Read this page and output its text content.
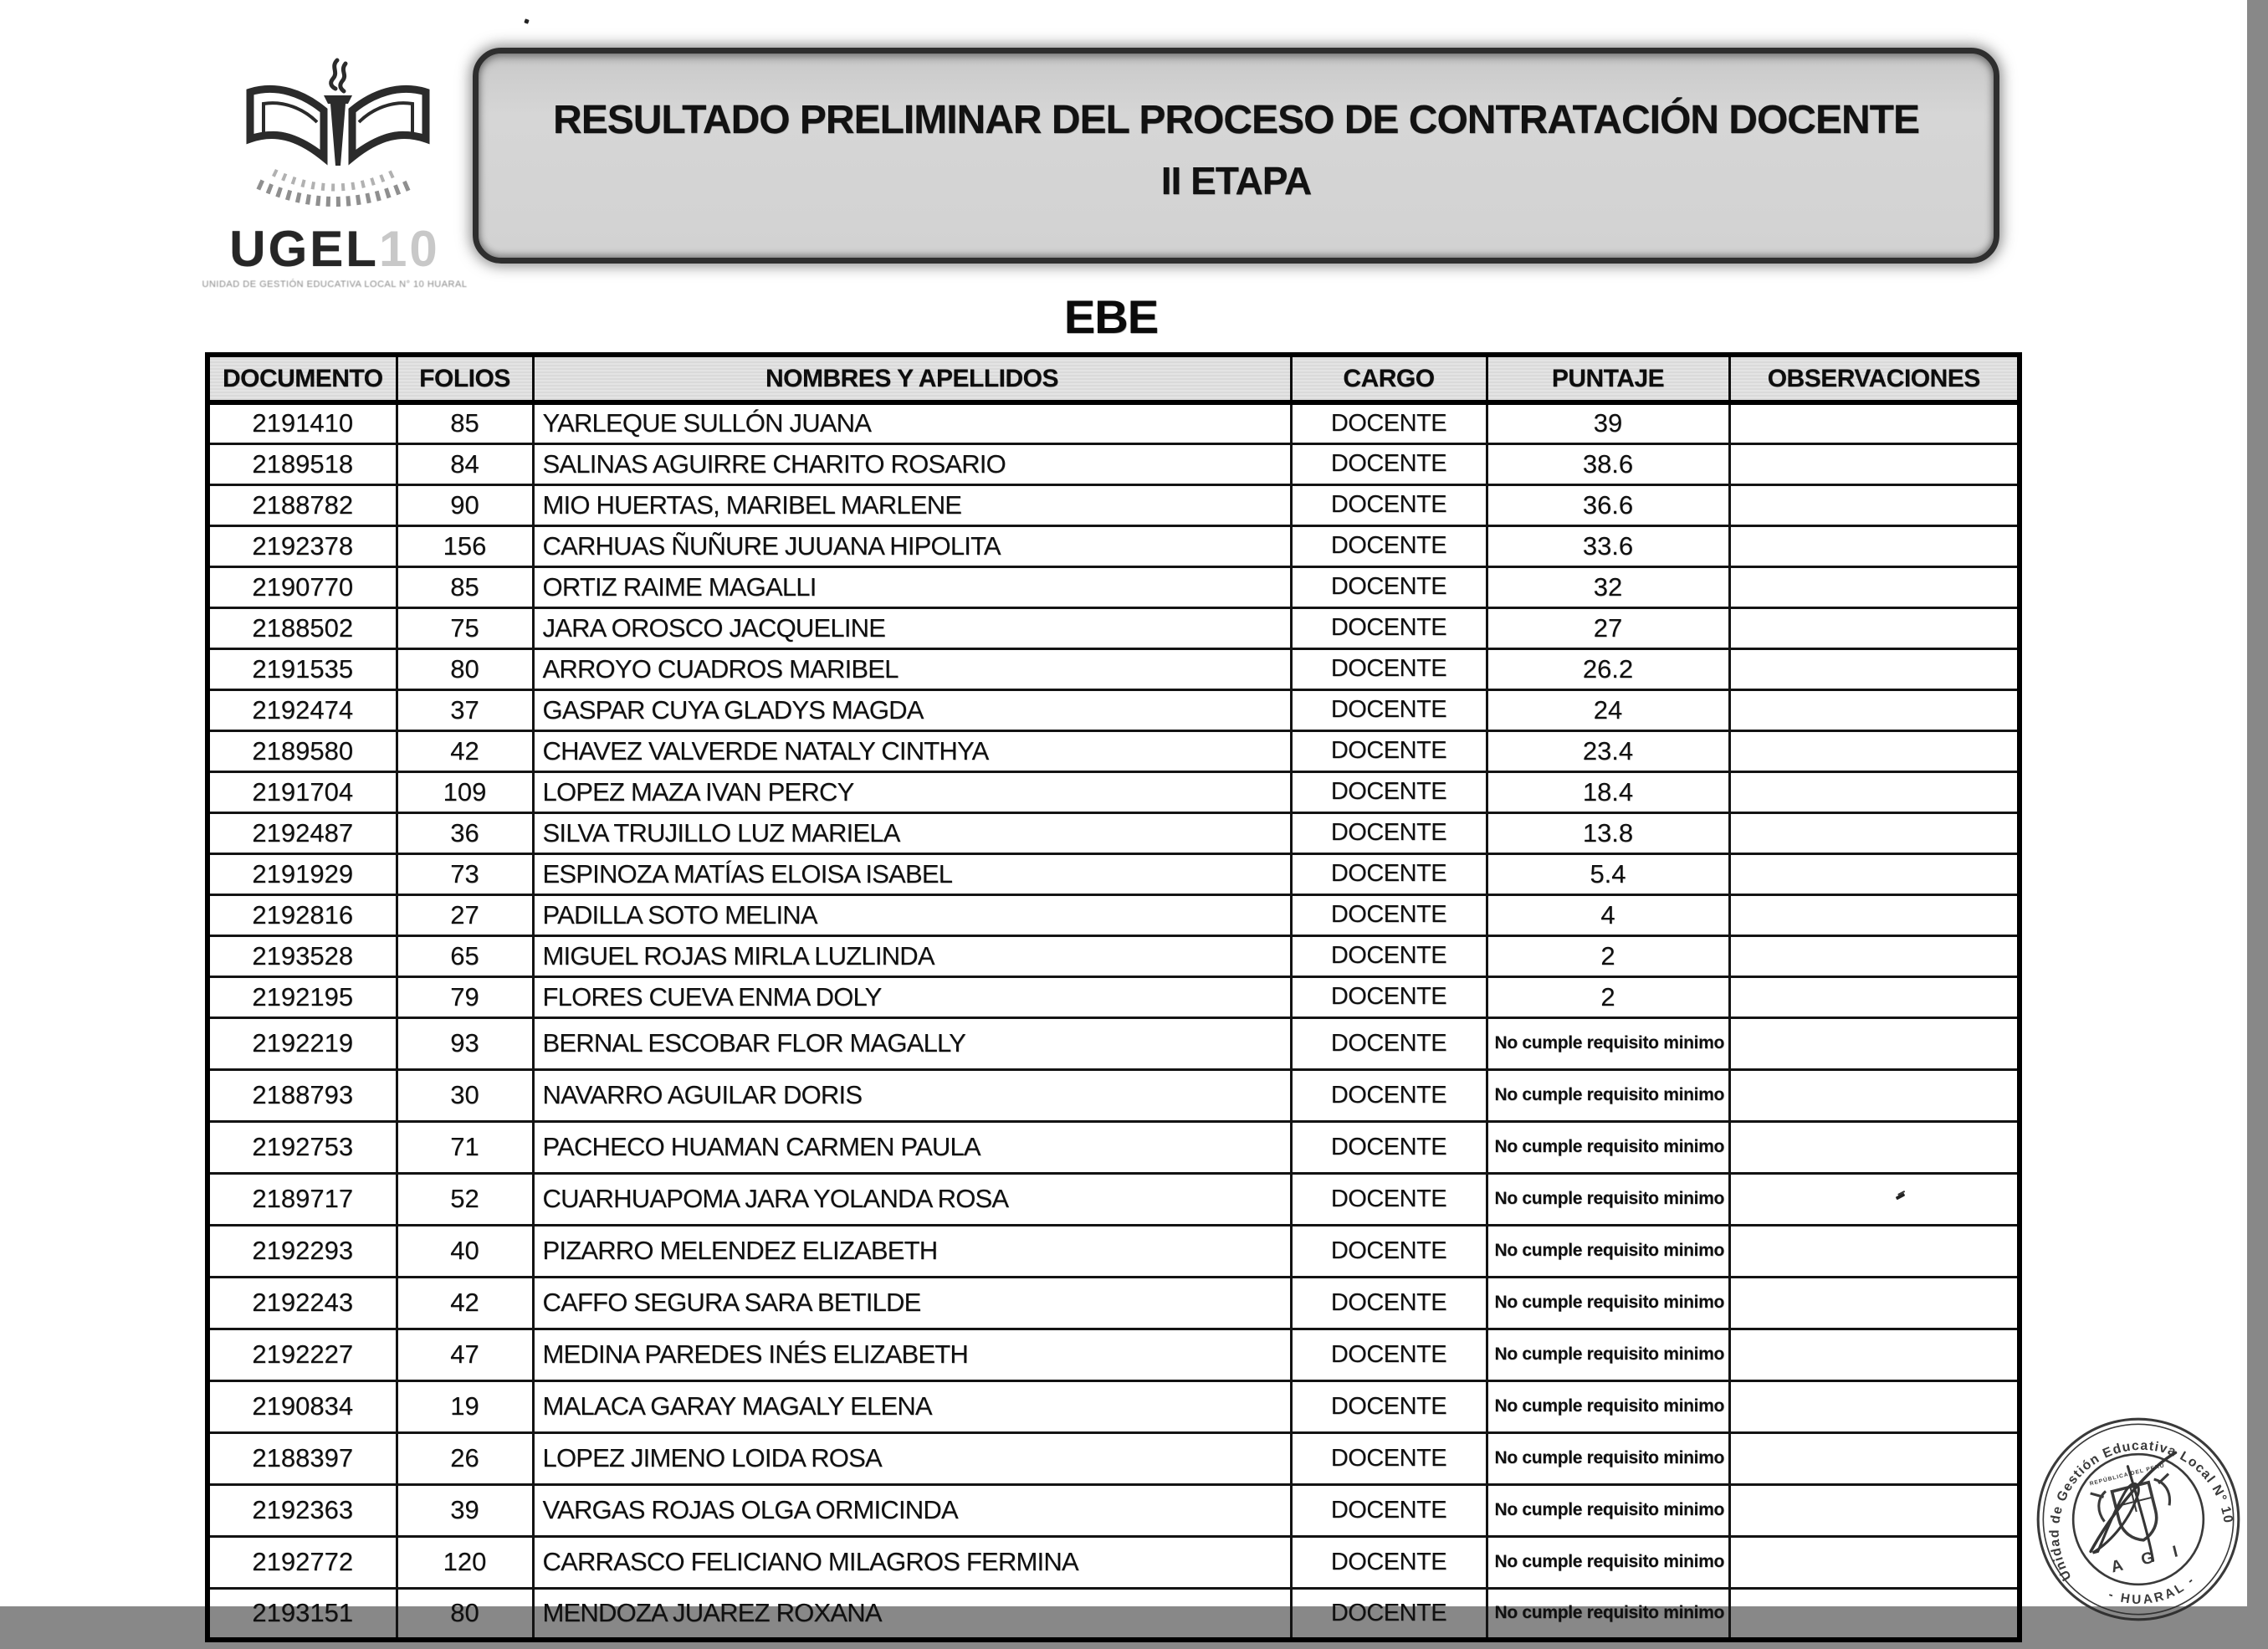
UGEL10
UNIDAD DE GESTIÓN EDUCATIVA LOCAL N° 10 HUARAL
RESULTADO PRELIMINAR DEL PROCESO DE CONTRATACIÓN DOCENTE
II ETAPA
EBE
DOCUMENTO	FOLIOS	NOMBRES Y APELLIDOS	CARGO	PUNTAJE	OBSERVACIONES
2191410	85	YARLEQUE SULLÓN JUANA	DOCENTE	39	
2189518	84	SALINAS AGUIRRE CHARITO ROSARIO	DOCENTE	38.6	
2188782	90	MIO HUERTAS, MARIBEL MARLENE	DOCENTE	36.6	
2192378	156	CARHUAS ÑUÑURE JUUANA HIPOLITA	DOCENTE	33.6	
2190770	85	ORTIZ RAIME MAGALLI	DOCENTE	32	
2188502	75	JARA OROSCO JACQUELINE	DOCENTE	27	
2191535	80	ARROYO CUADROS MARIBEL	DOCENTE	26.2	
2192474	37	GASPAR CUYA GLADYS MAGDA	DOCENTE	24	
2189580	42	CHAVEZ VALVERDE NATALY CINTHYA	DOCENTE	23.4	
2191704	109	LOPEZ MAZA IVAN PERCY	DOCENTE	18.4	
2192487	36	SILVA TRUJILLO LUZ MARIELA	DOCENTE	13.8	
2191929	73	ESPINOZA MATÍAS ELOISA ISABEL	DOCENTE	5.4	
2192816	27	PADILLA SOTO MELINA	DOCENTE	4	
2193528	65	MIGUEL ROJAS MIRLA LUZLINDA	DOCENTE	2	
2192195	79	FLORES CUEVA ENMA DOLY	DOCENTE	2	
2192219	93	BERNAL ESCOBAR FLOR MAGALLY	DOCENTE	No cumple requisito minimo	
2188793	30	NAVARRO AGUILAR DORIS	DOCENTE	No cumple requisito minimo	
2192753	71	PACHECO HUAMAN CARMEN PAULA	DOCENTE	No cumple requisito minimo	
2189717	52	CUARHUAPOMA JARA YOLANDA ROSA	DOCENTE	No cumple requisito minimo	
2192293	40	PIZARRO MELENDEZ ELIZABETH	DOCENTE	No cumple requisito minimo	
2192243	42	CAFFO SEGURA SARA BETILDE	DOCENTE	No cumple requisito minimo	
2192227	47	MEDINA PAREDES INÉS ELIZABETH	DOCENTE	No cumple requisito minimo	
2190834	19	MALACA GARAY MAGALY ELENA	DOCENTE	No cumple requisito minimo	
2188397	26	LOPEZ JIMENO LOIDA ROSA	DOCENTE	No cumple requisito minimo	
2192363	39	VARGAS ROJAS OLGA ORMICINDA	DOCENTE	No cumple requisito minimo	
2192772	120	CARRASCO FELICIANO MILAGROS FERMINA	DOCENTE	No cumple requisito minimo	
2193151	80	MENDOZA JUAREZ ROXANA	DOCENTE	No cumple requisito minimo	
Unidad de Gestión Educativa Local N° 10
- HUARAL -
REPÚBLICA DEL PERÚ
A G I
